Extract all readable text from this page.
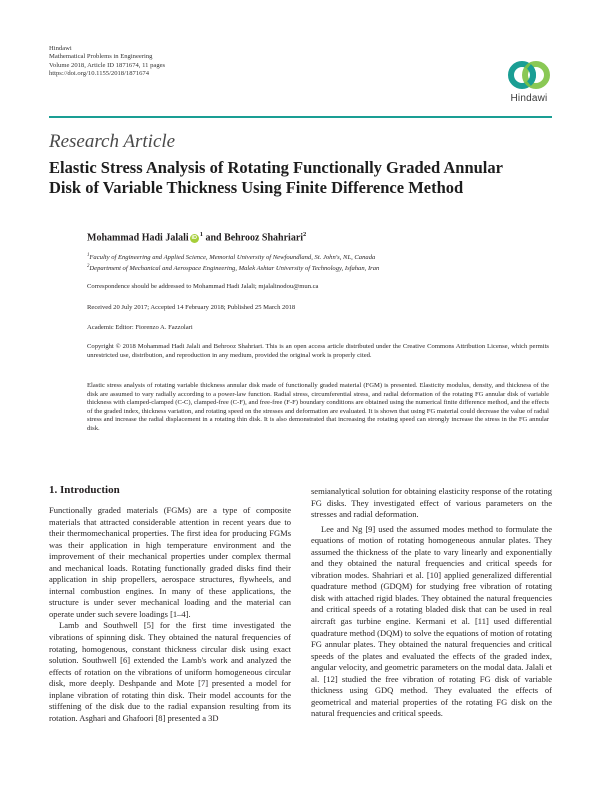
Hindawi
Mathematical Problems in Engineering
Volume 2018, Article ID 1871674, 11 pages
https://doi.org/10.1155/2018/1871674
Hindawi
Research Article
Elastic Stress Analysis of Rotating Functionally Graded Annular
Disk of Variable Thickness Using Finite Difference Method
Mohammad Hadi Jalali $iD^1$ and Behrooz Shahriari$^2$
$^1$Faculty of Engineering and Applied Science, Memorial University of Newfoundland, St. John's, NL, Canada
$^2$Department of Mechanical and Aerospace Engineering, Malek Ashtar University of Technology, Isfahan, Iran
Correspondence should be addressed to Mohammad Hadi Jalali; mjalalinodou@mun.ca
Received 20 July 2017; Accepted 14 February 2018; Published 25 March 2018
Academic Editor: Fiorenzo A. Fazzolari
Copyright © 2018 Mohammad Hadi Jalali and Behrooz Shahriari. This is an open access article distributed under the Creative Commons Attribution License, which permits unrestricted use, distribution, and reproduction in any medium, provided the original work is properly cited.
Elastic stress analysis of rotating variable thickness annular disk made of functionally graded material (FGM) is presented. Elasticity modulus, density, and thickness of the disk are assumed to vary radially according to a power-law function. Radial stress, circumferential stress, and radial deformation of the rotating FG annular disk of variable thickness with clamped-clamped (C-C), clamped-free (C-F), and free-free (F-F) boundary conditions are obtained using the numerical finite difference method, and the effects of the graded index, thickness variation, and rotating speed on the stresses and deformation are evaluated. It is shown that using FG material could decrease the value of radial stress and increase the radial displacement in a rotating thin disk. It is also demonstrated that increasing the rotating speed can strongly increase the stress in the FG annular disk.
1. Introduction

Functionally graded materials (FGMs) are a type of composite materials that attracted considerable attention in recent years due to their thermomechanical properties. The first idea for producing FGMs was their application in high temperature environment and the improvement of their mechanical properties under complex thermal and mechanical loads. Rotating functionally graded disks find their application in ship propellers, aerospace structures, flywheels, and internal combustion engines. In many of these applications, the structure is under sever mechanical loading and the material can operate under such severe loadings [1–4].

Lamb and Southwell [5] for the first time investigated the vibrations of spinning disk. They obtained the natural frequencies of rotating, homogenous, constant thickness circular disk using exact solution. Southwell [6] extended the Lamb's work and analyzed the effects of rotation on the vibrations of uniform homogeneous circular disk, more deeply. Deshpande and Mote [7] presented a model for inplane vibration of rotating thin disk. Their model accounts for the stiffening of the disk due to the radial expansion resulting from its rotation. Asghari and Ghafoori [8] presented a 3D

semianalytical solution for obtaining elasticity response of the rotating FG disks. They investigated effect of various parameters on the stresses and radial deformation.

Lee and Ng [9] used the assumed modes method to formulate the equations of motion of rotating homogeneous annular plates. They assumed the thickness of the plate to vary linearly and exponentially and they obtained the natural frequencies and critical speeds for vibration modes. Shahriari et al. [10] applied generalized differential quadrature method (GDQM) for studying free vibration of rotating disk with attached rigid blades. They obtained the natural frequencies and critical speeds of a rotating bladed disk that can be used in real aircraft gas turbine engine. Kermani et al. [11] used differential quadrature method (DQM) to solve the equations of motion of rotating FG annular plates. They obtained the natural frequencies and critical speeds of the plates and evaluated the effects of the graded index, angular velocity, and geometric parameters on the modal data. Jalali et al. [12] studied the free vibration of rotating FG disk of variable thickness using GDQ method. They evaluated the effects of geometrical and material properties of the rotating FG disk on the natural frequencies and critical speeds.
